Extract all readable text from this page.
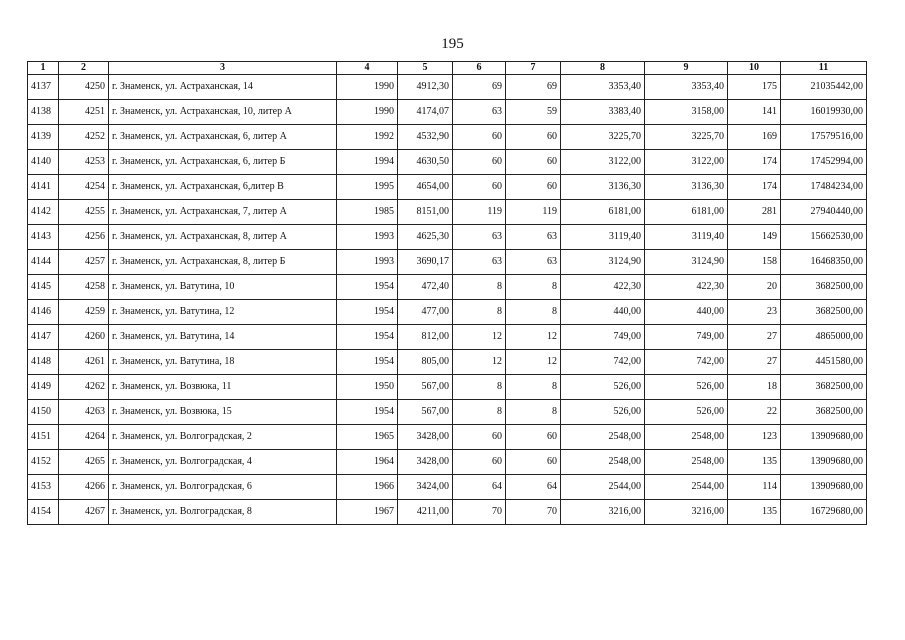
195
1	2	3	4	5	6	7	8	9	10	11
4137	4250	г. Знаменск, ул. Астраханская, 14	1990	4912,30	69	69	3353,40	3353,40	175	21035442,00
4138	4251	г. Знаменск, ул. Астраханская, 10, литер А	1990	4174,07	63	59	3383,40	3158,00	141	16019930,00
4139	4252	г. Знаменск, ул. Астраханская, 6, литер А	1992	4532,90	60	60	3225,70	3225,70	169	17579516,00
4140	4253	г. Знаменск, ул. Астраханская, 6, литер Б	1994	4630,50	60	60	3122,00	3122,00	174	17452994,00
4141	4254	г. Знаменск, ул. Астраханская, 6,литер В	1995	4654,00	60	60	3136,30	3136,30	174	17484234,00
4142	4255	г. Знаменск, ул. Астраханская, 7, литер А	1985	8151,00	119	119	6181,00	6181,00	281	27940440,00
4143	4256	г. Знаменск, ул. Астраханская, 8, литер А	1993	4625,30	63	63	3119,40	3119,40	149	15662530,00
4144	4257	г. Знаменск, ул. Астраханская, 8, литер Б	1993	3690,17	63	63	3124,90	3124,90	158	16468350,00
4145	4258	г. Знаменск, ул. Ватутина, 10	1954	472,40	8	8	422,30	422,30	20	3682500,00
4146	4259	г. Знаменск, ул. Ватутина, 12	1954	477,00	8	8	440,00	440,00	23	3682500,00
4147	4260	г. Знаменск, ул. Ватутина, 14	1954	812,00	12	12	749,00	749,00	27	4865000,00
4148	4261	г. Знаменск, ул. Ватутина, 18	1954	805,00	12	12	742,00	742,00	27	4451580,00
4149	4262	г. Знаменск, ул. Возвюка, 11	1950	567,00	8	8	526,00	526,00	18	3682500,00
4150	4263	г. Знаменск, ул. Возвюка, 15	1954	567,00	8	8	526,00	526,00	22	3682500,00
4151	4264	г. Знаменск, ул. Волгоградская, 2	1965	3428,00	60	60	2548,00	2548,00	123	13909680,00
4152	4265	г. Знаменск, ул. Волгоградская, 4	1964	3428,00	60	60	2548,00	2548,00	135	13909680,00
4153	4266	г. Знаменск, ул. Волгоградская, 6	1966	3424,00	64	64	2544,00	2544,00	114	13909680,00
4154	4267	г. Знаменск, ул. Волгоградская, 8	1967	4211,00	70	70	3216,00	3216,00	135	16729680,00
